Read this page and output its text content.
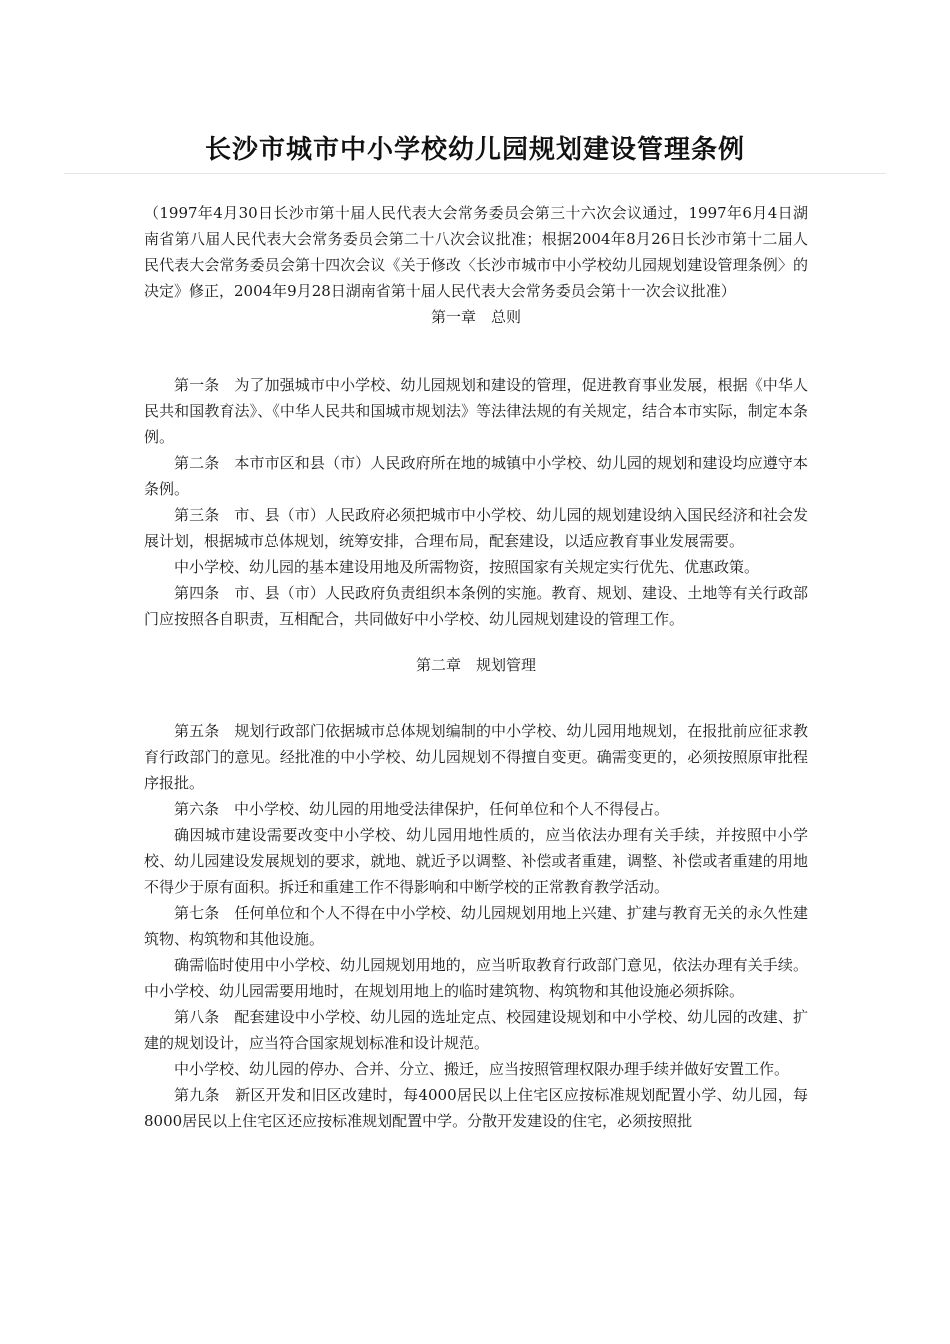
长沙市城市中小学校幼儿园规划建设管理条例

（1997年4月30日长沙市第十届人民代表大会常务委员会第三十六次会议通过，1997年6月4日湖南省第八届人民代表大会常务委员会第二十八次会议批准；根据2004年8月26日长沙市第十二届人民代表大会常务委员会第十四次会议《关于修改〈长沙市城市中小学校幼儿园规划建设管理条例〉的决定》修正，2004年9月28日湖南省第十届人民代表大会常务委员会第十一次会议批准）

第一章　总则

第一条　为了加强城市中小学校、幼儿园规划和建设的管理，促进教育事业发展，根据《中华人民共和国教育法》、《中华人民共和国城市规划法》等法律法规的有关规定，结合本市实际，制定本条例。

第二条　本市市区和县（市）人民政府所在地的城镇中小学校、幼儿园的规划和建设均应遵守本条例。

第三条　市、县（市）人民政府必须把城市中小学校、幼儿园的规划建设纳入国民经济和社会发展计划，根据城市总体规划，统筹安排，合理布局，配套建设，以适应教育事业发展需要。

中小学校、幼儿园的基本建设用地及所需物资，按照国家有关规定实行优先、优惠政策。

第四条　市、县（市）人民政府负责组织本条例的实施。教育、规划、建设、土地等有关行政部门应按照各自职责，互相配合，共同做好中小学校、幼儿园规划建设的管理工作。

第二章　规划管理

第五条　规划行政部门依据城市总体规划编制的中小学校、幼儿园用地规划，在报批前应征求教育行政部门的意见。经批准的中小学校、幼儿园规划不得擅自变更。确需变更的，必须按照原审批程序报批。

第六条　中小学校、幼儿园的用地受法律保护，任何单位和个人不得侵占。

确因城市建设需要改变中小学校、幼儿园用地性质的，应当依法办理有关手续，并按照中小学校、幼儿园建设发展规划的要求，就地、就近予以调整、补偿或者重建，调整、补偿或者重建的用地不得少于原有面积。拆迁和重建工作不得影响和中断学校的正常教育教学活动。

第七条　任何单位和个人不得在中小学校、幼儿园规划用地上兴建、扩建与教育无关的永久性建筑物、构筑物和其他设施。

确需临时使用中小学校、幼儿园规划用地的，应当听取教育行政部门意见，依法办理有关手续。中小学校、幼儿园需要用地时，在规划用地上的临时建筑物、构筑物和其他设施必须拆除。

第八条　配套建设中小学校、幼儿园的选址定点、校园建设规划和中小学校、幼儿园的改建、扩建的规划设计，应当符合国家规划标准和设计规范。

中小学校、幼儿园的停办、合并、分立、搬迁，应当按照管理权限办理手续并做好安置工作。

第九条　新区开发和旧区改建时，每4000居民以上住宅区应按标准规划配置小学、幼儿园，每8000居民以上住宅区还应按标准规划配置中学。分散开发建设的住宅，必须按照批
